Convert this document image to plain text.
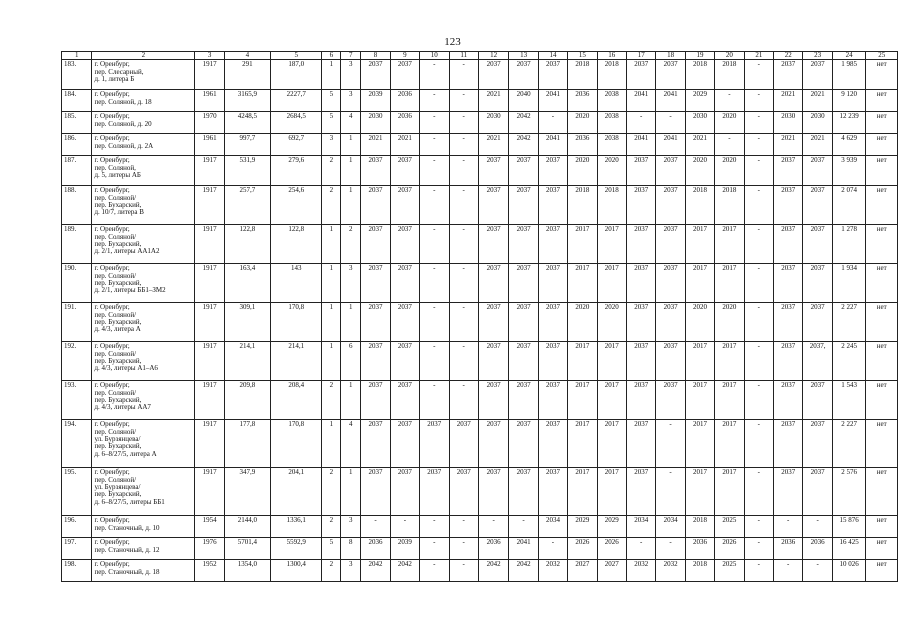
123
1	2	3	4	5	6	7	8	9	10	11	12	13	14	15	16	17	18	19	20	21	22	23	24	25
183.	г. Оренбург,
пер. Слесарный,
д. 1, литера Б	1917	291	187,0	1	3	2037	2037	-	-	2037	2037	2037	2018	2018	2037	2037	2018	2018	-	2037	2037	1 985	нет
184.	г. Оренбург,
пер. Соляной, д. 18	1961	3165,9	2227,7	5	3	2039	2036	-	-	2021	2040	2041	2036	2038	2041	2041	2029	-	-	2021	2021	9 120	нет
185.	г. Оренбург,
пер. Соляной, д. 20	1970	4248,5	2684,5	5	4	2030	2036	-	-	2030	2042	-	2020	2038	-	-	2030	2020	-	2030	2030	12 239	нет
186.	г. Оренбург,
пер. Соляной, д. 2А	1961	997,7	692,7	3	1	2021	2021	-	-	2021	2042	2041	2036	2038	2041	2041	2021	-	-	2021	2021	4 629	нет
187.	г. Оренбург,
пер. Соляной,
д. 5, литеры АБ	1917	531,9	279,6	2	1	2037	2037	-	-	2037	2037	2037	2020	2020	2037	2037	2020	2020	-	2037	2037	3 939	нет
188.	г. Оренбург,
пер. Соляной/
пер. Бухарский,
д. 10/7, литера В	1917	257,7	254,6	2	1	2037	2037	-	-	2037	2037	2037	2018	2018	2037	2037	2018	2018	-	2037	2037	2 074	нет
189.	г. Оренбург,
пер. Соляной/
пер. Бухарский,
д. 2/1, литеры АА1А2	1917	122,8	122,8	1	2	2037	2037	-	-	2037	2037	2037	2017	2017	2037	2037	2017	2017	-	2037	2037	1 278	нет
190.	г. Оренбург,
пер. Соляной/
пер. Бухарский,
д. 2/1, литеры ББ1–ЗМ2	1917	163,4	143	1	3	2037	2037	-	-	2037	2037	2037	2017	2017	2037	2037	2017	2017	-	2037	2037	1 934	нет
191.	г. Оренбург,
пер. Соляной/
пер. Бухарский,
д. 4/3, литера А	1917	309,1	170,8	1	1	2037	2037	-	-	2037	2037	2037	2020	2020	2037	2037	2020	2020	-	2037	2037	2 227	нет
192.	г. Оренбург,
пер. Соляной/
пер. Бухарский,
д. 4/3, литеры А1–А6	1917	214,1	214,1	1	6	2037	2037	-	-	2037	2037	2037	2017	2017	2037	2037	2017	2017	-	2037	2037,	2 245	нет
193.	г. Оренбург,
пер. Соляной/
пер. Бухарский,
д. 4/3, литеры АА7	1917	209,8	208,4	2	1	2037	2037	-	-	2037	2037	2037	2017	2017	2037	2037	2017	2017	-	2037	2037	1 543	нет
194.	г. Оренбург,
пер. Соляной/
ул. Бурзянцева/
пер. Бухарский,
д. 6–8/27/5, литера А	1917	177,8	170,8	1	4	2037	2037	2037	2037	2037	2037	2037	2017	2017	2037	-	2017	2017	-	2037	2037	2 227	нет
195.	г. Оренбург,
пер. Соляной/
ул. Бурзянцева/
пер. Бухарский,
д. 6–8/27/5, литеры ББ1	1917	347,9	204,1	2	1	2037	2037	2037	2037	2037	2037	2037	2017	2017	2037	-	2017	2017	-	2037	2037	2 576	нет
196.	г. Оренбург,
пер. Станочный, д. 10	1954	2144,0	1336,1	2	3	-	-	-	-	-	-	2034	2029	2029	2034	2034	2018	2025	-	-	-	15 876	нет
197.	г. Оренбург,
пер. Станочный, д. 12	1976	5701,4	5592,9	5	8	2036	2039	-	-	2036	2041	-	2026	2026	-	-	2036	2026	-	2036	2036	16 425	нет
198.	г. Оренбург,
пер. Станочный, д. 18	1952	1354,0	1300,4	2	3	2042	2042	-	-	2042	2042	2032	2027	2027	2032	2032	2018	2025	-	-	-	10 026	нет
